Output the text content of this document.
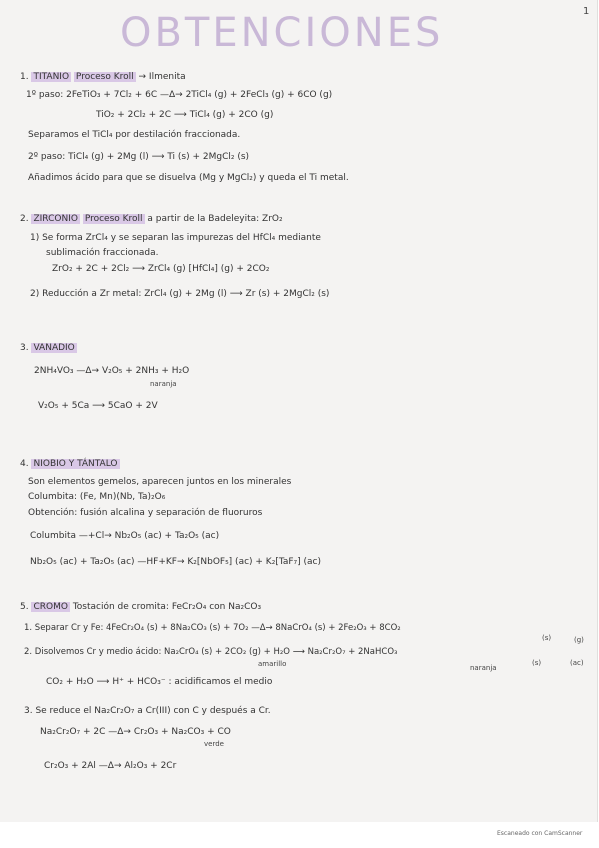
1
OBTENCIONES
1. TITANIO Proceso Kroll → Ilmenita
1º paso: 2FeTiO₃ + 7Cl₂ + 6C —Δ→ 2TiCl₄ (g) + 2FeCl₃ (g) + 6CO (g)
TiO₂ + 2Cl₂ + 2C ⟶ TiCl₄ (g) + 2CO (g)
Separamos el TiCl₄ por destilación fraccionada.
2º paso: TiCl₄ (g) + 2Mg (l) ⟶ Ti (s) + 2MgCl₂ (s)
Añadimos ácido para que se disuelva (Mg y MgCl₂) y queda el Ti metal.
2. ZIRCONIO Proceso Kroll a partir de la Badeleyita: ZrO₂
1) Se forma ZrCl₄ y se separan las impurezas del HfCl₄ mediante
sublimación fraccionada.
ZrO₂ + 2C + 2Cl₂ ⟶ ZrCl₄ (g) [HfCl₄] (g) + 2CO₂
2) Reducción a Zr metal: ZrCl₄ (g) + 2Mg (l) ⟶ Zr (s) + 2MgCl₂ (s)
3. VANADIO
2NH₄VO₃ —Δ→ V₂O₅ + 2NH₃ + H₂O
naranja
V₂O₅ + 5Ca ⟶ 5CaO + 2V
4. NIOBIO Y TÁNTALO
Son elementos gemelos, aparecen juntos en los minerales
Columbita: (Fe, Mn)(Nb, Ta)₂O₆
Obtención: fusión alcalina y separación de fluoruros
Columbita —+Cl→ Nb₂O₅ (ac) + Ta₂O₅ (ac)
Nb₂O₅ (ac) + Ta₂O₅ (ac) —HF+KF→ K₂[NbOF₅] (ac) + K₂[TaF₇] (ac)
5. CROMO Tostación de cromita: FeCr₂O₄ con Na₂CO₃
1. Separar Cr y Fe: 4FeCr₂O₄ (s) + 8Na₂CO₃ (s) + 7O₂ —Δ→ 8NaCrO₄ (s) + 2Fe₂O₃ + 8CO₂
(s)	(g)
2. Disolvemos Cr y medio ácido: Na₂CrO₄ (s) + 2CO₂ (g) + H₂O ⟶ Na₂Cr₂O₇ + 2NaHCO₃
amarillo	naranja
(s)	(ac)
CO₂ + H₂O ⟶ H⁺ + HCO₃⁻ : acidificamos el medio
3. Se reduce el Na₂Cr₂O₇ a Cr(III) con C y después a Cr.
Na₂Cr₂O₇ + 2C —Δ→ Cr₂O₃ + Na₂CO₃ + CO
verde
Cr₂O₃ + 2Al —Δ→ Al₂O₃ + 2Cr
Escaneado con CamScanner
